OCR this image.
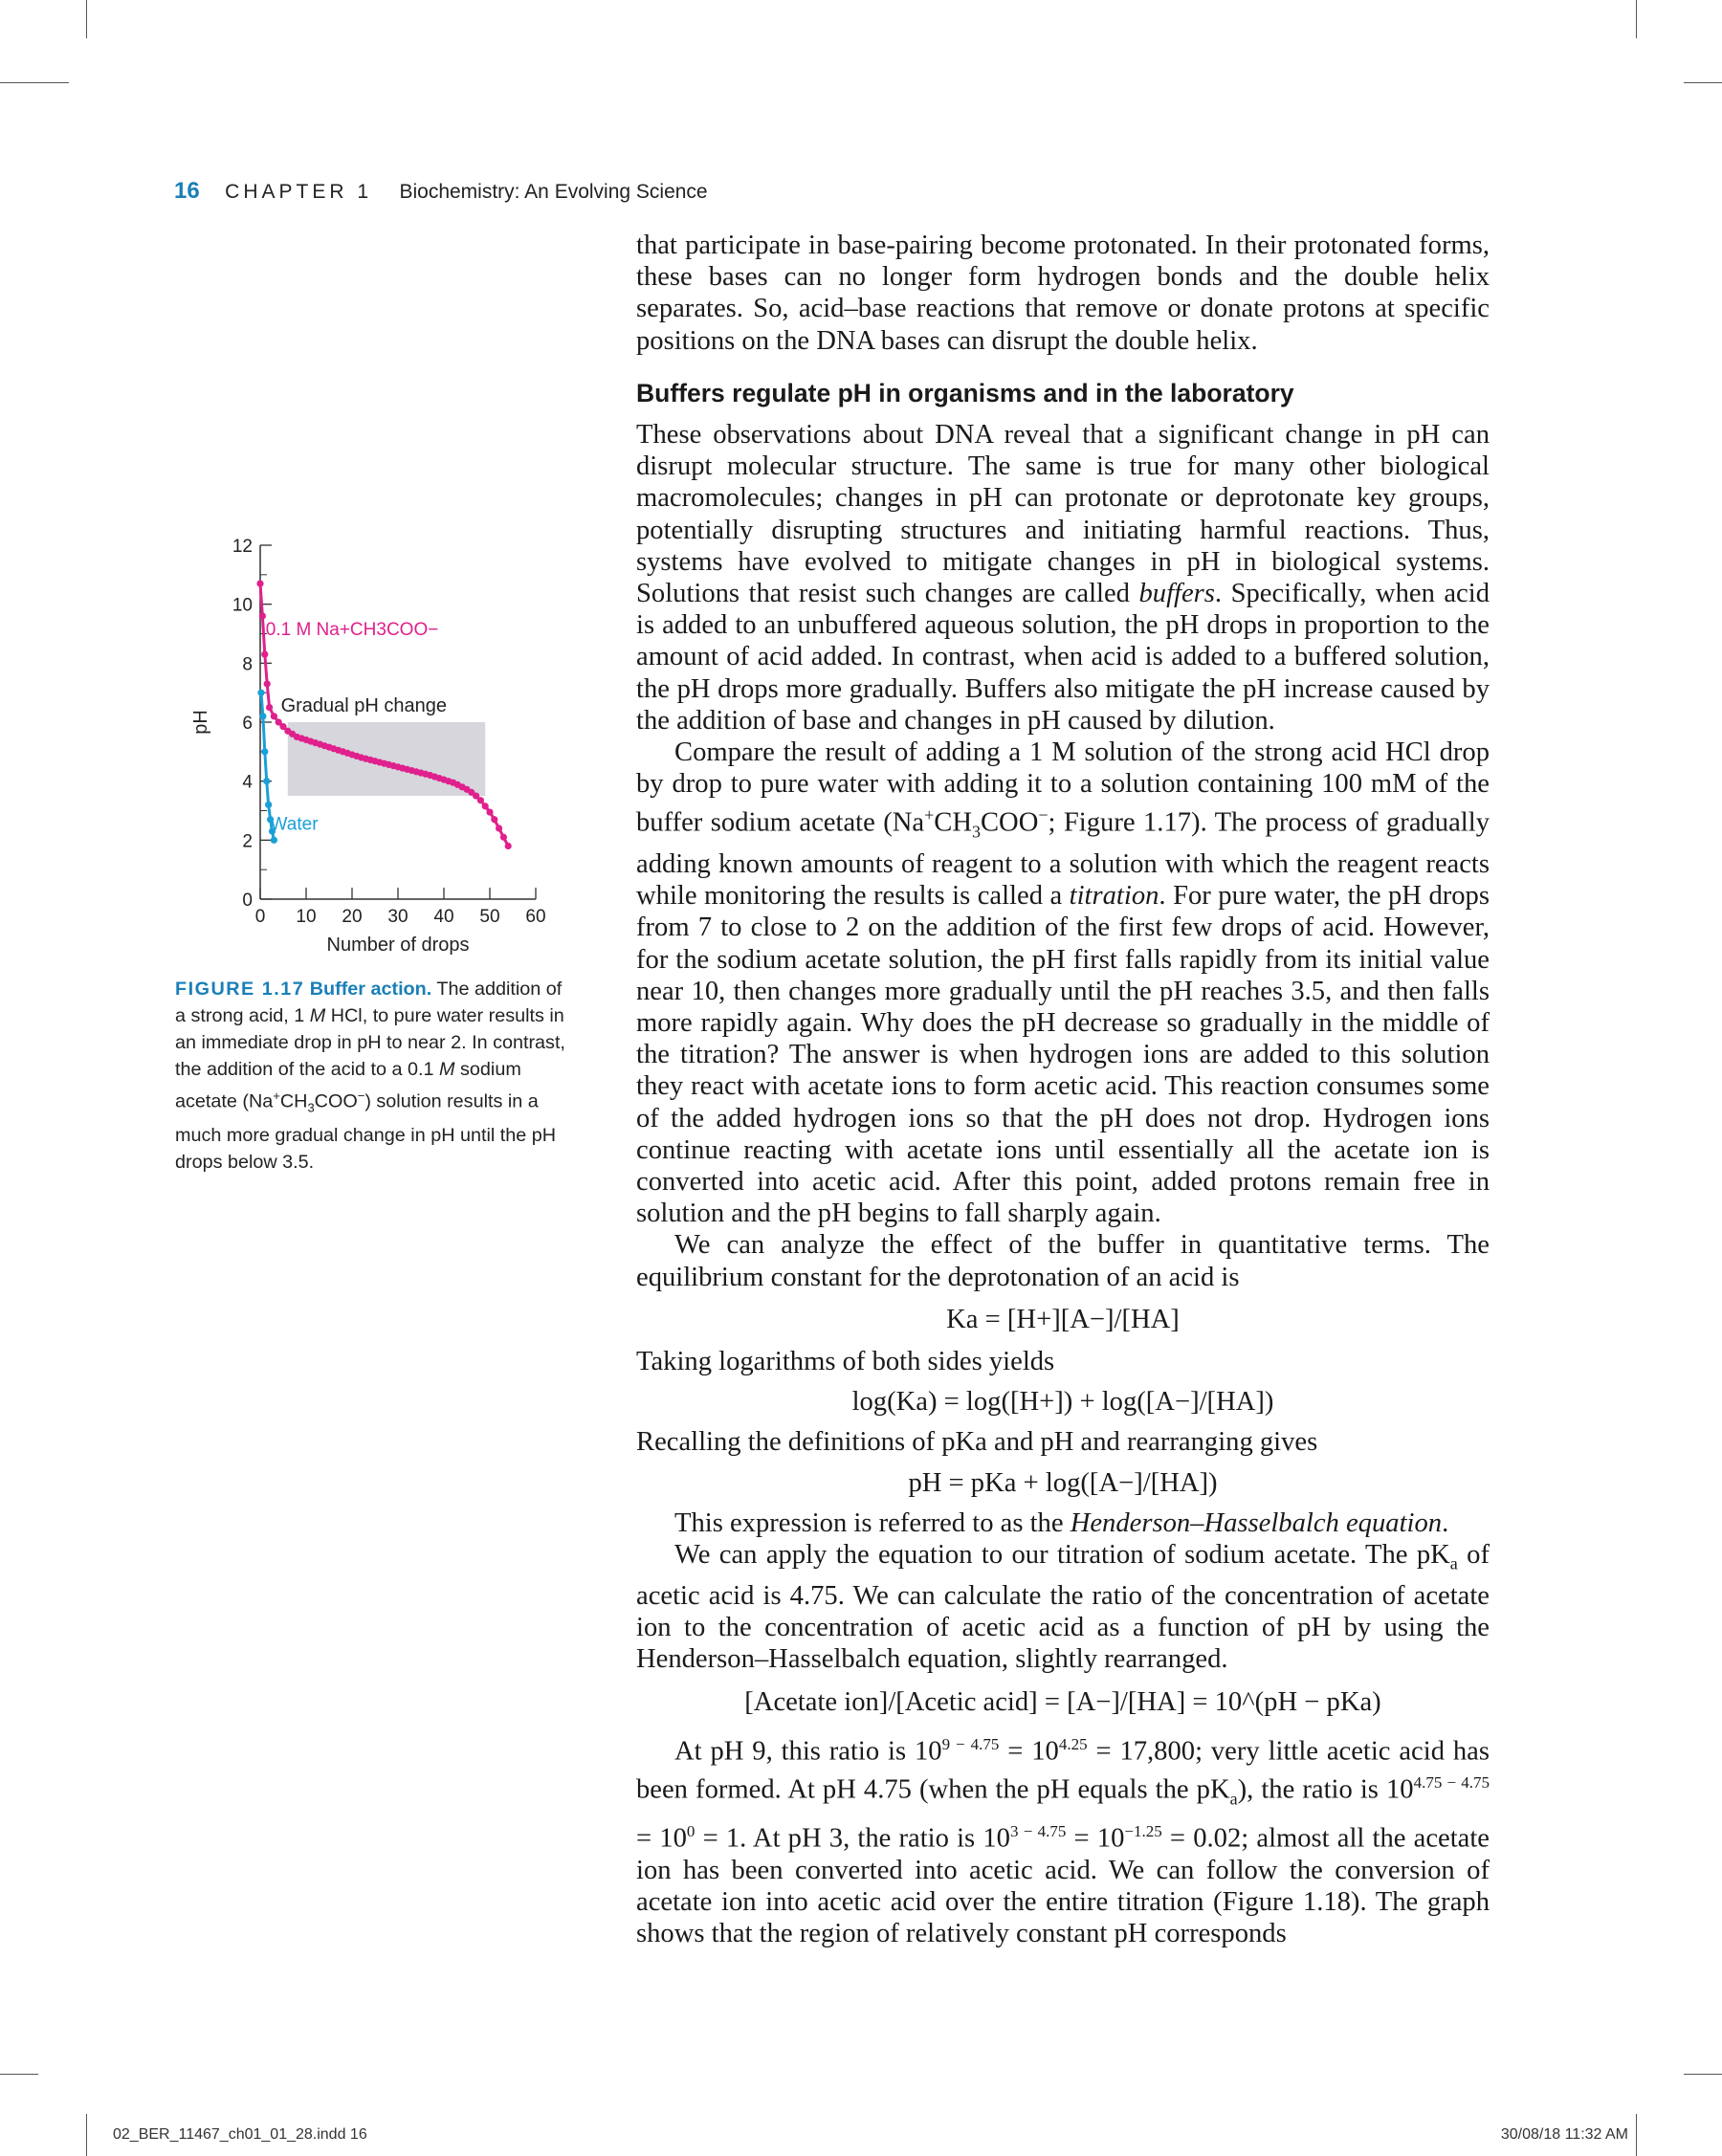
16 CHAPTER 1 Biochemistry: An Evolving Science
0
2
4
6
8
10
12
0 10 20 30 40 50 60
Number of drops
pH
0.1 M Na+CH3COO−
Water
Gradual pH change
FIGURE 1.17 Buffer action. The addition of a strong acid, 1 M HCl, to pure water results in an immediate drop in pH to near 2. In contrast, the addition of the acid to a 0.1 M sodium acetate $(Na^+CH_3COO^-)$ solution results in a much more gradual change in pH until the pH drops below 3.5.

that participate in base-pairing become protonated. In their protonated forms, these bases can no longer form hydrogen bonds and the double helix separates. So, acid–base reactions that remove or donate protons at specific positions on the DNA bases can disrupt the double helix.

Buffers regulate pH in organisms and in the laboratory

These observations about DNA reveal that a significant change in pH can disrupt molecular structure. The same is true for many other biological macromolecules; changes in pH can protonate or deprotonate key groups, potentially disrupting structures and initiating harmful reactions. Thus, systems have evolved to mitigate changes in pH in biological systems. Solutions that resist such changes are called buffers. Specifically, when acid is added to an unbuffered aqueous solution, the pH drops in proportion to the amount of acid added. In contrast, when acid is added to a buffered solution, the pH drops more gradually. Buffers also mitigate the pH increase caused by the addition of base and changes in pH caused by dilution.

Compare the result of adding a 1 M solution of the strong acid HCl drop by drop to pure water with adding it to a solution containing 100 mM of the buffer sodium acetate ($Na^+CH_3COO^-$; Figure 1.17). The process of gradually adding known amounts of reagent to a solution with which the reagent reacts while monitoring the results is called a titration. For pure water, the pH drops from 7 to close to 2 on the addition of the first few drops of acid. However, for the sodium acetate solution, the pH first falls rapidly from its initial value near 10, then changes more gradually until the pH reaches 3.5, and then falls more rapidly again. Why does the pH decrease so gradually in the middle of the titration? The answer is when hydrogen ions are added to this solution they react with acetate ions to form acetic acid. This reaction consumes some of the added hydrogen ions so that the pH does not drop. Hydrogen ions continue reacting with acetate ions until essentially all the acetate ion is converted into acetic acid. After this point, added protons remain free in solution and the pH begins to fall sharply again.

We can analyze the effect of the buffer in quantitative terms. The equilibrium constant for the deprotonation of an acid is

Ka = [H+][A−]/[HA]

Taking logarithms of both sides yields

log(Ka) = log([H+]) + log([A−]/[HA])

Recalling the definitions of pKa and pH and rearranging gives

pH = pKa + log([A−]/[HA])

This expression is referred to as the Henderson–Hasselbalch equation.

We can apply the equation to our titration of sodium acetate. The $pK_a$ of acetic acid is 4.75. We can calculate the ratio of the concentration of acetate ion to the concentration of acetic acid as a function of pH by using the Henderson–Hasselbalch equation, slightly rearranged.

[Acetate ion]/[Acetic acid] = [A−]/[HA] = 10^(pH − pKa)

At pH 9, this ratio is $10^{9 - 4.75} = 10^{4.25} = 17,800$; very little acetic acid has been formed. At pH 4.75 (when the pH equals the $pK_a$), the ratio is $10^{4.75 - 4.75} = 10^0 = 1$. At pH 3, the ratio is $10^{3 - 4.75} = 10^{-1.25} = 0.02$; almost all the acetate ion has been converted into acetic acid. We can follow the conversion of acetate ion into acetic acid over the entire titration (Figure 1.18). The graph shows that the region of relatively constant pH corresponds

02_BER_11467_ch01_01_28.indd 16	30/08/18 11:32 AM
